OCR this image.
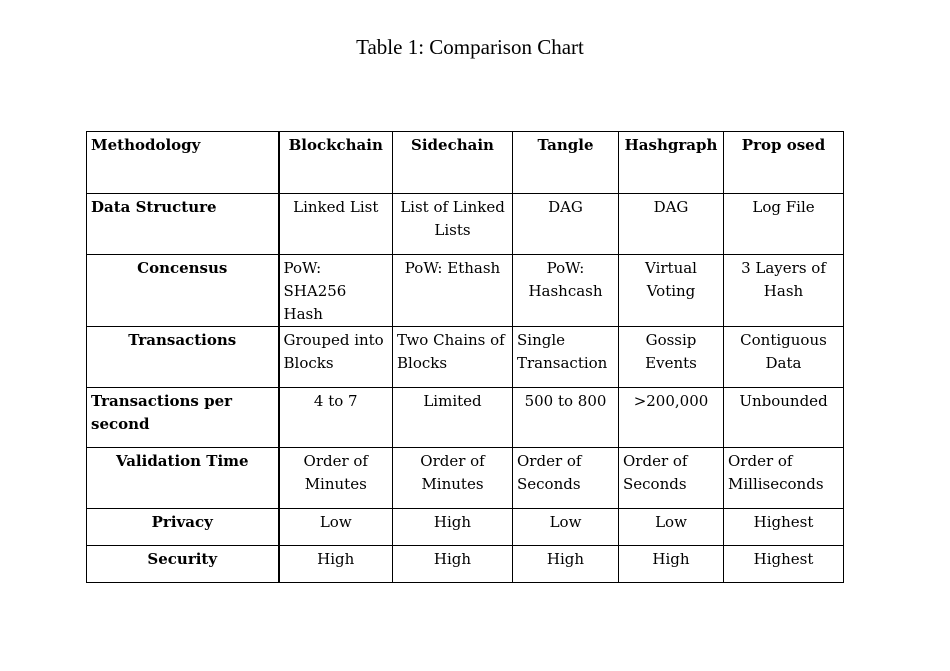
Table 1: Comparison Chart
Methodology	Blockchain	Sidechain	Tangle	Hashgraph	Prop osed
Data Structure	Linked List	List of Linked Lists	DAG	DAG	Log File
Concensus	PoW: SHA256 Hash	PoW: Ethash	PoW: Hashcash	Virtual Voting	3 Layers of Hash
Transactions	Grouped into Blocks	Two Chains of Blocks	Single Transaction	Gossip Events	Contiguous Data
Transactions per second	4 to 7	Limited	500 to 800	>200,000	Unbounded
Validation Time	Order of Minutes	Order of Minutes	Order of Seconds	Order of Seconds	Order of Milliseconds
Privacy	Low	High	Low	Low	Highest
Security	High	High	High	High	Highest
